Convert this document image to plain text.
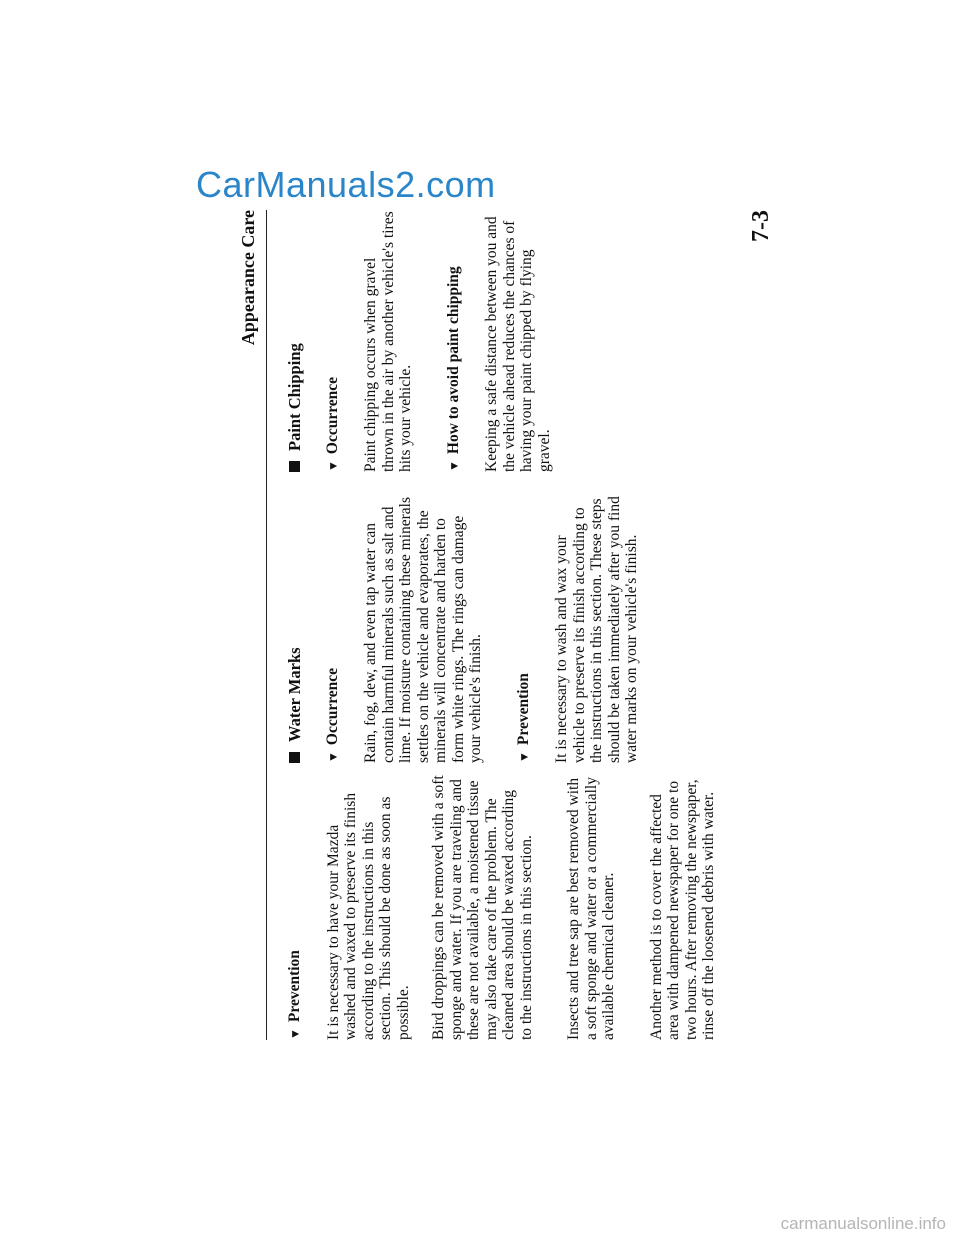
CarManuals2.com
Appearance Care
▼Prevention It is necessary to have your Mazda washed and waxed to preserve its finish according to the instructions in this section. This should be done as soon as possible. Bird droppings can be removed with a soft sponge and water. If you are traveling and these are not available, a moistened tissue may also take care of the problem. The cleaned area should be waxed according to the instructions in this section. Insects and tree sap are best removed with a soft sponge and water or a commercially available chemical cleaner. Another method is to cover the affected area with dampened newspaper for one to two hours. After removing the newspaper, rinse off the loosened debris with water.

Water Marks
▼Occurrence Rain, fog, dew, and even tap water can contain harmful minerals such as salt and lime. If moisture containing these minerals settles on the vehicle and evaporates, the minerals will concentrate and harden to form white rings. The rings can damage your vehicle's finish.	▼Prevention It is necessary to wash and wax your vehicle to preserve its finish according to the instructions in this section. These steps should be taken immediately after you find water marks on your vehicle's finish.

Paint Chipping
▼Occurrence Paint chipping occurs when gravel thrown in the air by another vehicle's tires hits your vehicle.	▼How to avoid paint chipping Keeping a safe distance between you and the vehicle ahead reduces the chances of having your paint chipped by flying gravel.

7-3
carmanualsonline.info
